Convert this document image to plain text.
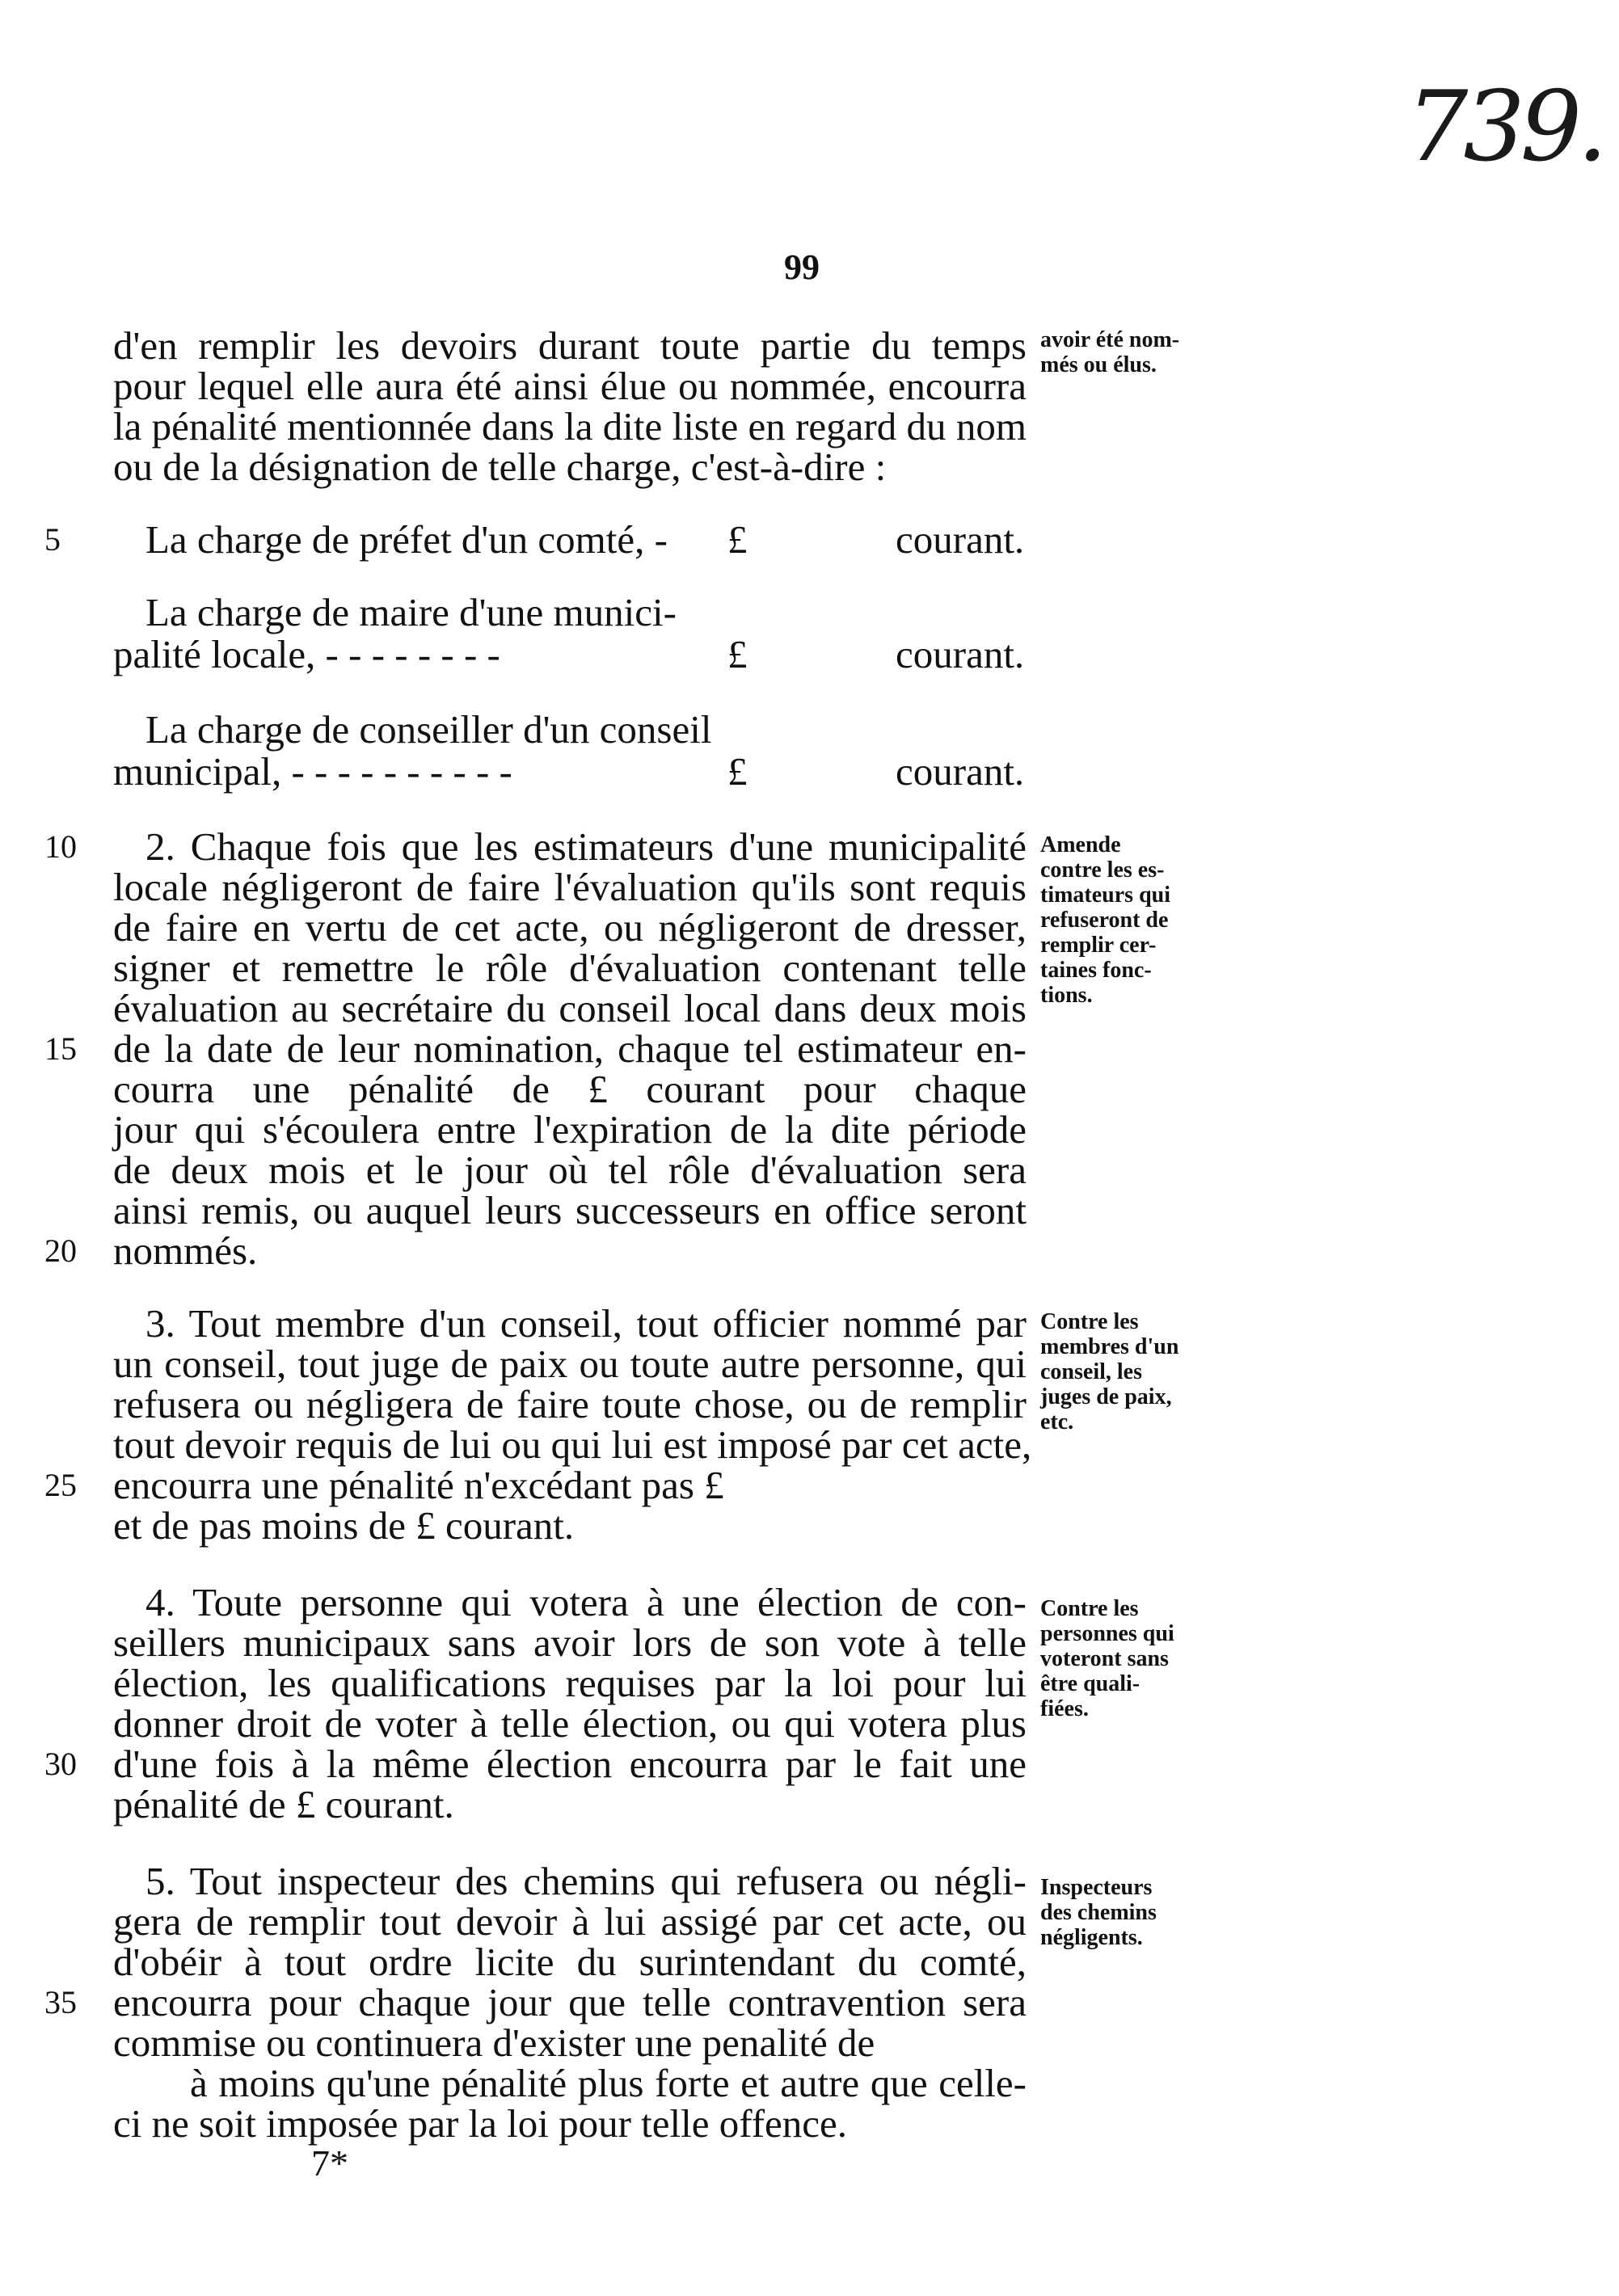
739.
99
d'en remplir les devoirs durant toute partie du temps
pour lequel elle aura été ainsi élue ou nommée, encourra
la pénalité mentionnée dans la dite liste en regard du nom
ou de la désignation de telle charge, c'est-à-dire :
5 La charge de préfet d'un comté, -	£	courant.
La charge de maire d'une munici-
palité locale, - - - - - - - -	£	courant.
La charge de conseiller d'un conseil
municipal, - - - - - - - - - -	£	courant.
10 2. Chaque fois que les estimateurs d'une municipalité
locale négligeront de faire l'évaluation qu'ils sont requis
de faire en vertu de cet acte, ou négligeront de dresser,
signer et remettre le rôle d'évaluation contenant telle
évaluation au secrétaire du conseil local dans deux mois
15 de la date de leur nomination, chaque tel estimateur en-
courra une pénalité de £ courant pour chaque
jour qui s'écoulera entre l'expiration de la dite période
de deux mois et le jour où tel rôle d'évaluation sera
ainsi remis, ou auquel leurs successeurs en office seront
20 nommés.
3. Tout membre d'un conseil, tout officier nommé par
un conseil, tout juge de paix ou toute autre personne, qui
refusera ou négligera de faire toute chose, ou de remplir
tout devoir requis de lui ou qui lui est imposé par cet acte,
25 encourra une pénalité n'excédant pas £
et de pas moins de £ courant.
4. Toute personne qui votera à une élection de con-
seillers municipaux sans avoir lors de son vote à telle
élection, les qualifications requises par la loi pour lui
donner droit de voter à telle élection, ou qui votera plus
30 d'une fois à la même élection encourra par le fait une
pénalité de £ courant.
5. Tout inspecteur des chemins qui refusera ou négli-
gera de remplir tout devoir à lui assigé par cet acte, ou
d'obéir à tout ordre licite du surintendant du comté,
35 encourra pour chaque jour que telle contravention sera
commise ou continuera d'exister une penalité de
à moins qu'une pénalité plus forte et autre que celle-
ci ne soit imposée par la loi pour telle offence.
7*
avoir été nom-
més ou élus.
Amende
contre les es-
timateurs qui
refuseront de
remplir cer-
taines fonc-
tions.
Contre les
membres d'un
conseil, les
juges de paix,
etc.
Contre les
personnes qui
voteront sans
être quali-
fiées.
Inspecteurs
des chemins
négligents.
